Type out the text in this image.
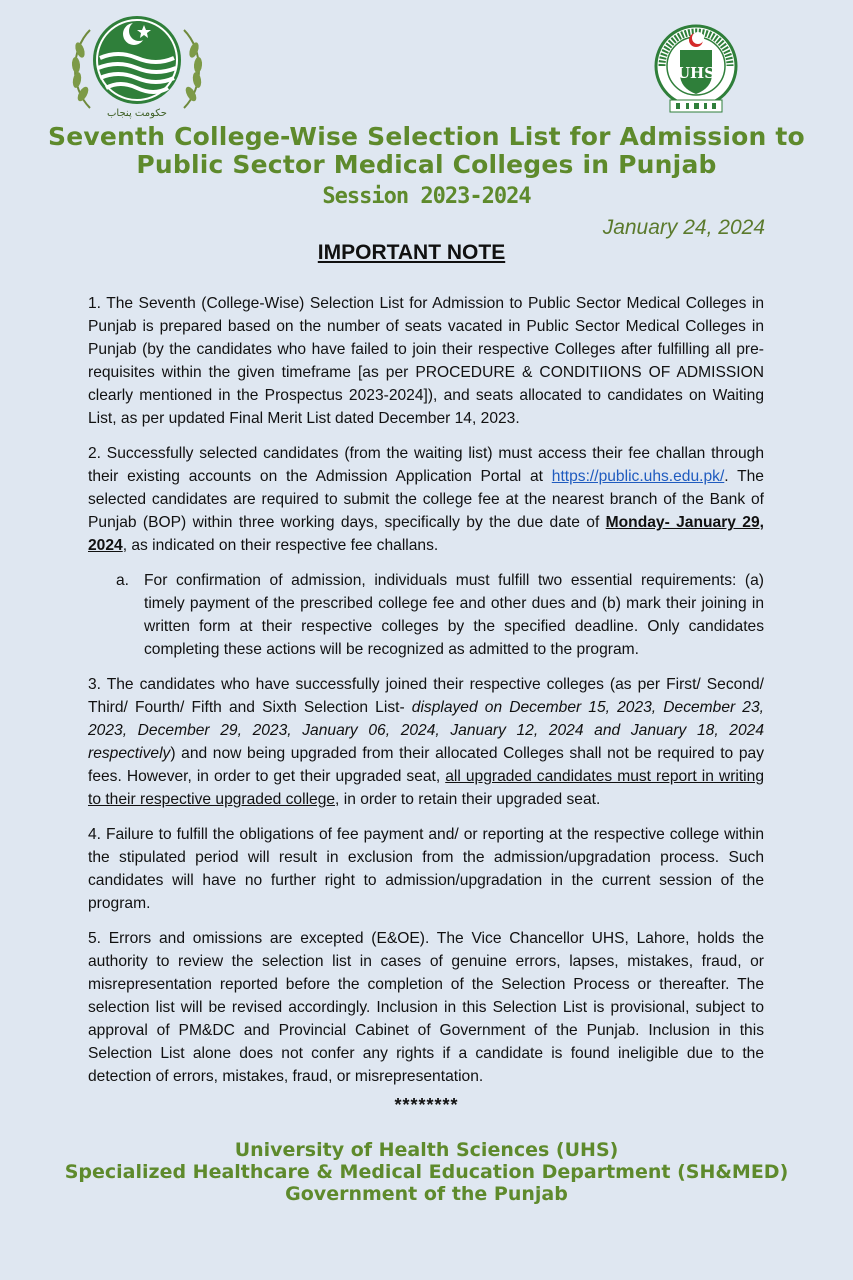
حکومت پنجاب
UHS
Seventh College-Wise Selection List for Admission to
Public Sector Medical Colleges in Punjab
Session 2023-2024
January 24, 2024
IMPORTANT NOTE

1. The Seventh (College-Wise) Selection List for Admission to Public Sector Medical Colleges in Punjab is prepared based on the number of seats vacated in Public Sector Medical Colleges in Punjab (by the candidates who have failed to join their respective Colleges after fulfilling all pre-requisites within the given timeframe [as per PROCEDURE & CONDITIIONS OF ADMISSION clearly mentioned in the Prospectus 2023-2024]), and seats allocated to candidates on Waiting List, as per updated Final Merit List dated December 14, 2023.

2. Successfully selected candidates (from the waiting list) must access their fee challan through their existing accounts on the Admission Application Portal at https://public.uhs.edu.pk/. The selected candidates are required to submit the college fee at the nearest branch of the Bank of Punjab (BOP) within three working days, specifically by the due date of Monday- January 29, 2024, as indicated on their respective fee challans.

a. For confirmation of admission, individuals must fulfill two essential requirements: (a) timely payment of the prescribed college fee and other dues and (b) mark their joining in written form at their respective colleges by the specified deadline. Only candidates completing these actions will be recognized as admitted to the program.

3. The candidates who have successfully joined their respective colleges (as per First/ Second/ Third/ Fourth/ Fifth and Sixth Selection List- displayed on December 15, 2023, December 23, 2023, December 29, 2023, January 06, 2024, January 12, 2024 and January 18, 2024 respectively) and now being upgraded from their allocated Colleges shall not be required to pay fees. However, in order to get their upgraded seat, all upgraded candidates must report in writing to their respective upgraded college, in order to retain their upgraded seat.

4. Failure to fulfill the obligations of fee payment and/ or reporting at the respective college within the stipulated period will result in exclusion from the admission/upgradation process. Such candidates will have no further right to admission/upgradation in the current session of the program.

5. Errors and omissions are excepted (E&OE). The Vice Chancellor UHS, Lahore, holds the authority to review the selection list in cases of genuine errors, lapses, mistakes, fraud, or misrepresentation reported before the completion of the Selection Process or thereafter. The selection list will be revised accordingly. Inclusion in this Selection List is provisional, subject to approval of PM&DC and Provincial Cabinet of Government of the Punjab. Inclusion in this Selection List alone does not confer any rights if a candidate is found ineligible due to the detection of errors, mistakes, fraud, or misrepresentation.

********
University of Health Sciences (UHS)
Specialized Healthcare & Medical Education Department (SH&MED)
Government of the Punjab
